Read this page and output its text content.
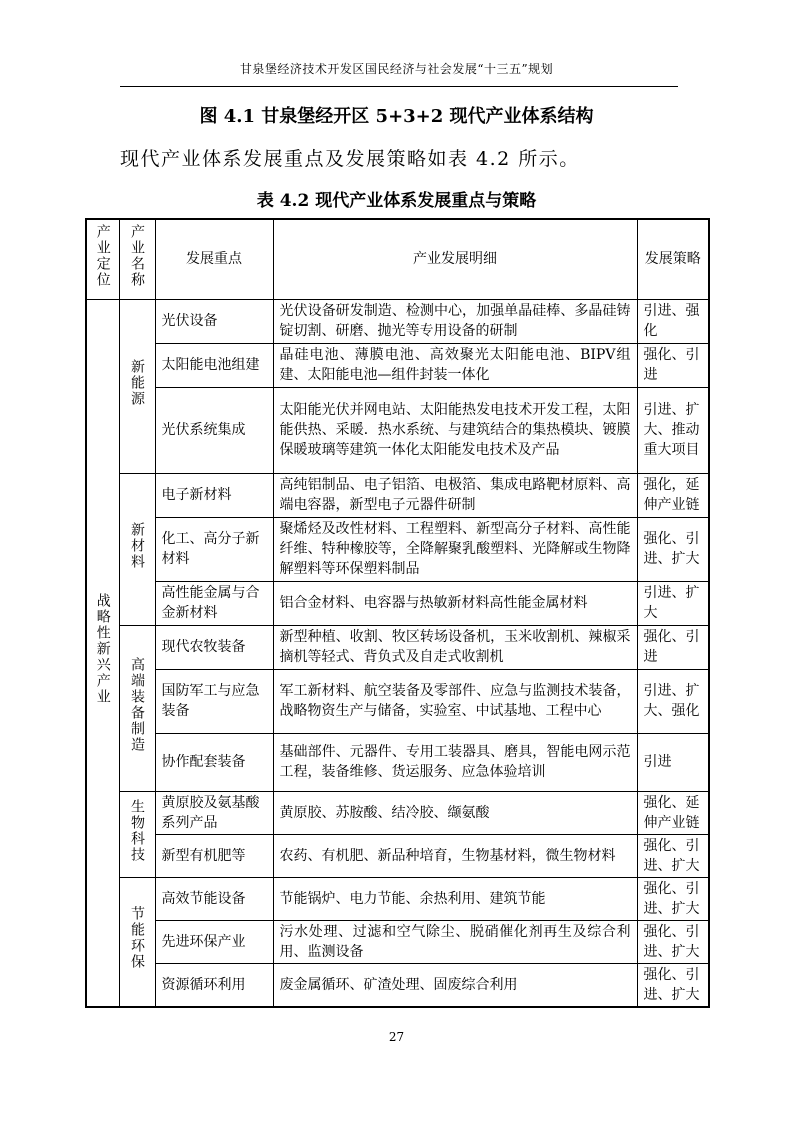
甘泉堡经济技术开发区国民经济与社会发展“十三五”规划
图 4.1 甘泉堡经开区 5+3+2 现代产业体系结构
现代产业体系发展重点及发展策略如表 4.2 所示。
表 4.2 现代产业体系发展重点与策略
产业定位	产业名称	发展重点	产业发展明细	发展策略
战略性新兴产业	新能源	光伏设备	光伏设备研发制造、检测中心，加强单晶硅棒、多晶硅铸锭切割、研磨、抛光等专用设备的研制	引进、强化
		太阳能电池组建	晶硅电池、薄膜电池、高效聚光太阳能电池、BIPV组建、太阳能电池—组件封装一体化	强化、引进
		光伏系统集成	太阳能光伏并网电站、太阳能热发电技术开发工程，太阳能供热、采暖．热水系统、与建筑结合的集热模块、镀膜保暖玻璃等建筑一体化太阳能发电技术及产品	引进、扩大、推动重大项目
	新材料	电子新材料	高纯铝制品、电子铝箔、电极箔、集成电路靶材原料、高端电容器，新型电子元器件研制	强化，延伸产业链
		化工、高分子新材料	聚烯烃及改性材料、工程塑料、新型高分子材料、高性能纤维、特种橡胶等，全降解聚乳酸塑料、光降解或生物降解塑料等环保塑料制品	强化、引进、扩大
		高性能金属与合金新材料	铝合金材料、电容器与热敏新材料高性能金属材料	引进、扩大
	高端装备制造	现代农牧装备	新型种植、收割、牧区转场设备机，玉米收割机、辣椒采摘机等轻式、背负式及自走式收割机	强化、引进
		国防军工与应急装备	军工新材料、航空装备及零部件、应急与监测技术装备，战略物资生产与储备，实验室、中试基地、工程中心	引进、扩大、强化
		协作配套装备	基础部件、元器件、专用工装器具、磨具，智能电网示范工程，装备维修、货运服务、应急体验培训	引进
	生物科技	黄原胶及氨基酸系列产品	黄原胶、苏胺酸、结冷胶、缬氨酸	强化、延伸产业链
		新型有机肥等	农药、有机肥、新品种培育，生物基材料，微生物材料	强化、引进、扩大
	节能环保	高效节能设备	节能锅炉、电力节能、余热利用、建筑节能	强化、引进、扩大
		先进环保产业	污水处理、过滤和空气除尘、脱硝催化剂再生及综合利用、监测设备	强化、引进、扩大
		资源循环利用	废金属循环、矿渣处理、固废综合利用	强化、引进、扩大
27
